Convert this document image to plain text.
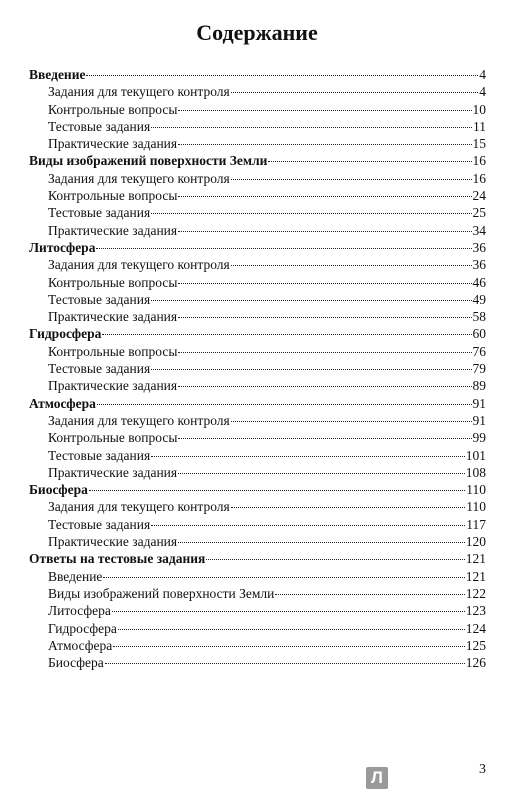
Содержание
Введение	4
Задания для текущего контроля	4
Контрольные вопросы	10
Тестовые задания	11
Практические задания	15
Виды изображений поверхности Земли	16
Задания для текущего контроля	16
Контрольные вопросы	24
Тестовые задания	25
Практические задания	34
Литосфера	36
Задания для текущего контроля	36
Контрольные вопросы	46
Тестовые задания	49
Практические задания	58
Гидросфера	60
Контрольные вопросы	76
Тестовые задания	79
Практические задания	89
Атмосфера	91
Задания для текущего контроля	91
Контрольные вопросы	99
Тестовые задания	101
Практические задания	108
Биосфера	110
Задания для текущего контроля	110
Тестовые задания	117
Практические задания	120
Ответы на тестовые задания	121
Введение	121
Виды изображений поверхности Земли	122
Литосфера	123
Гидросфера	124
Атмосфера	125
Биосфера	126
3
Л
